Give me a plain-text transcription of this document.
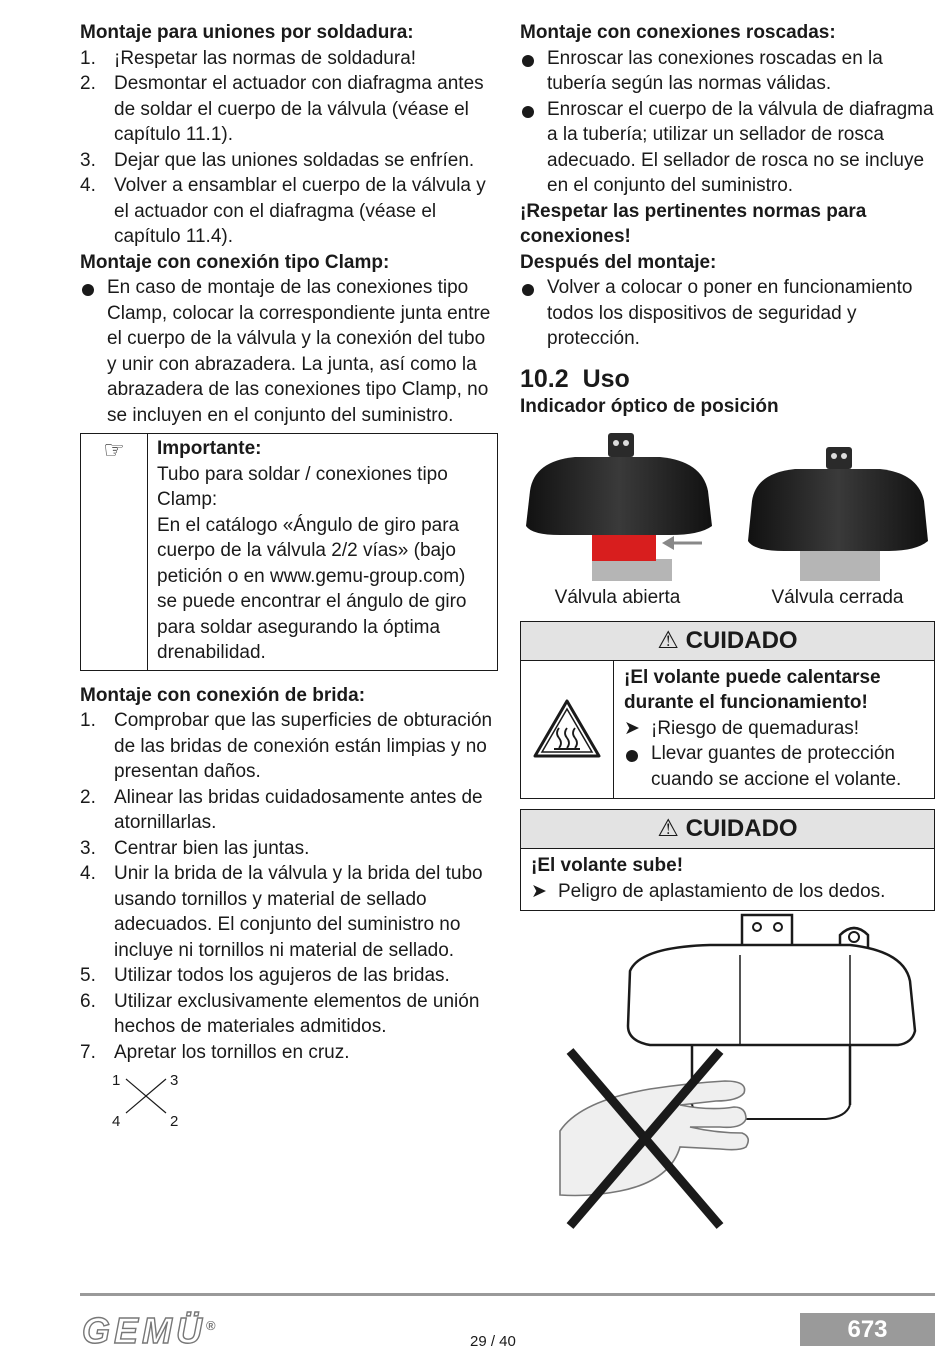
Montaje para uniones por soldadura:
1. ¡Respetar las normas de soldadura!
2. Desmontar el actuador con diafragma antes de soldar el cuerpo de la válvula (véase el capítulo 11.1).
3. Dejar que las uniones soldadas se enfríen.
4. Volver a ensamblar el cuerpo de la válvula y el actuador con el diafragma (véase el capítulo 11.4).
Montaje con conexión tipo Clamp:
En caso de montaje de las conexiones tipo Clamp, colocar la correspondiente junta entre el cuerpo de la válvula y la conexión del tubo y unir con abrazadera. La junta, así como la abrazadera de las conexiones tipo Clamp, no se incluyen en el conjunto del suministro.
☞	Importante:
Tubo para soldar / conexiones tipo Clamp:
En el catálogo «Ángulo de giro para cuerpo de la válvula 2/2 vías» (bajo petición o en www.gemu-group.com)
se puede encontrar el ángulo de giro para soldar asegurando la óptima drenabilidad.
Montaje con conexión de brida:
1. Comprobar que las superficies de obturación de las bridas de conexión están limpias y no presentan daños.
2. Alinear las bridas cuidadosamente antes de atornillarlas.
3. Centrar bien las juntas.
4. Unir la brida de la válvula y la brida del tubo usando tornillos y material de sellado adecuados. El conjunto del suministro no incluye ni tornillos ni material de sellado.
5. Utilizar todos los agujeros de las bridas.
6. Utilizar exclusivamente elementos de unión hechos de materiales admitidos.
7. Apretar los tornillos en cruz.
1	3
4	2
Montaje con conexiones roscadas:
Enroscar las conexiones roscadas en la tubería según las normas válidas.
Enroscar el cuerpo de la válvula de diafragma a la tubería; utilizar un sellador de rosca adecuado. El sellador de rosca no se incluye en el conjunto del suministro.
¡Respetar las pertinentes normas para conexiones!
Después del montaje:
Volver a colocar o poner en funcionamiento todos los dispositivos de seguridad y protección.
10.2 Uso
Indicador óptico de posición
Válvula abierta	Válvula cerrada
⚠ CUIDADO
¡El volante puede calentarse durante el funcionamiento!
➤ ¡Riesgo de quemaduras!
Llevar guantes de protección cuando se accione el volante.
⚠ CUIDADO
¡El volante sube!
➤ Peligro de aplastamiento de los dedos.
GEMÜ®
29 / 40	673
